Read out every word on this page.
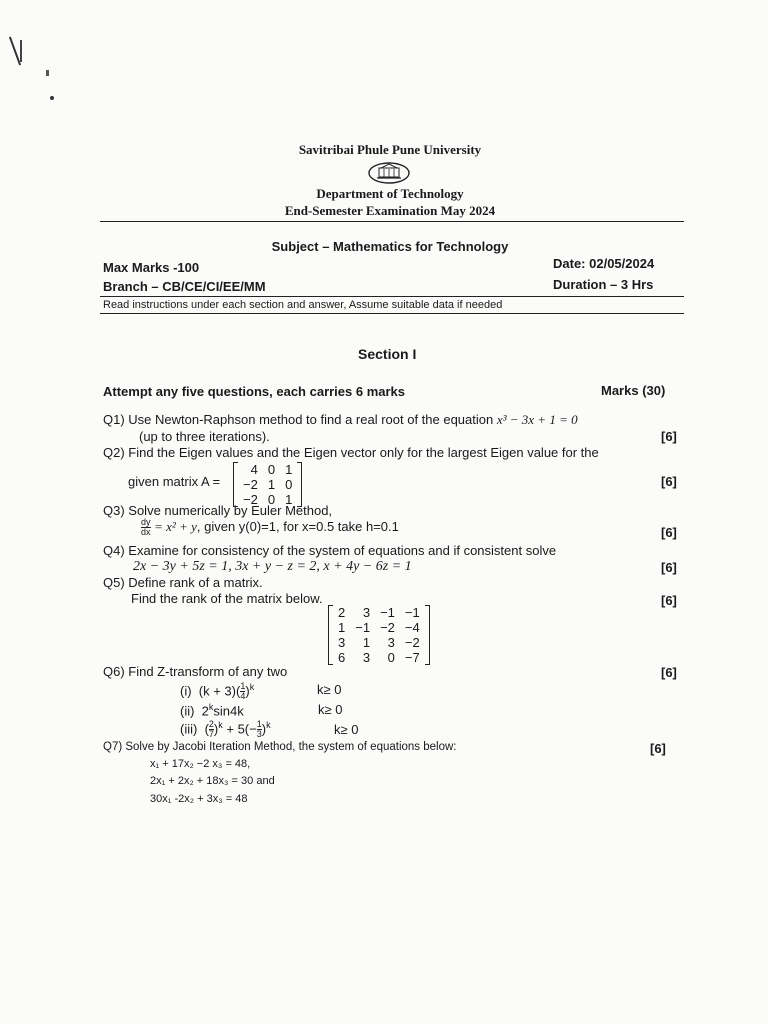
Savitribai Phule Pune University
Department of Technology
End-Semester Examination May 2024
Subject – Mathematics for Technology
Max Marks -100	Date: 02/05/2024
Branch – CB/CE/CI/EE/MM	Duration – 3 Hrs
Read instructions under each section and answer, Assume suitable data if needed
Section I
Attempt any five questions, each carries 6 marks	Marks (30)
Q1) Use Newton-Raphson method to find a real root of the equation x³ − 3x + 1 = 0
(up to three iterations).	[6]
Q2) Find the Eigen values and the Eigen vector only for the largest Eigen value for the
given matrix A =
4	0	1
−2	1	0
−2	0	1
[6]
Q3) Solve numerically by Euler Method,
$\frac{dy}{dx} = x^2 + y$, given y(0)=1, for x=0.5 take h=0.1	[6]
Q4) Examine for consistency of the system of equations and if consistent solve
2x − 3y + 5z = 1, 3x + y − z = 2, x + 4y − 6z = 1	[6]
Q5) Define rank of a matrix.
Find the rank of the matrix below.	[6]
2	3	−1	−1
1	−1	−2	−4
3	1	3	−2
6	3	0	−7
Q6) Find Z-transform of any two	[6]
(i) $(k + 3)( \frac{1}{4} )^k$	k≥ 0
(ii) 2$^k$sin4k	k≥ 0
(iii) ( $\frac{2}{7} )^k + 5(- \frac{1}{3} )^k$	k≥ 0
Q7) Solve by Jacobi Iteration Method, the system of equations below:	[6]
x₁ + 17x₂ −2 x₃ = 48,
2x₁ + 2x₂ + 18x₃ = 30 and
30x₁ -2x₂ + 3x₃ = 48
